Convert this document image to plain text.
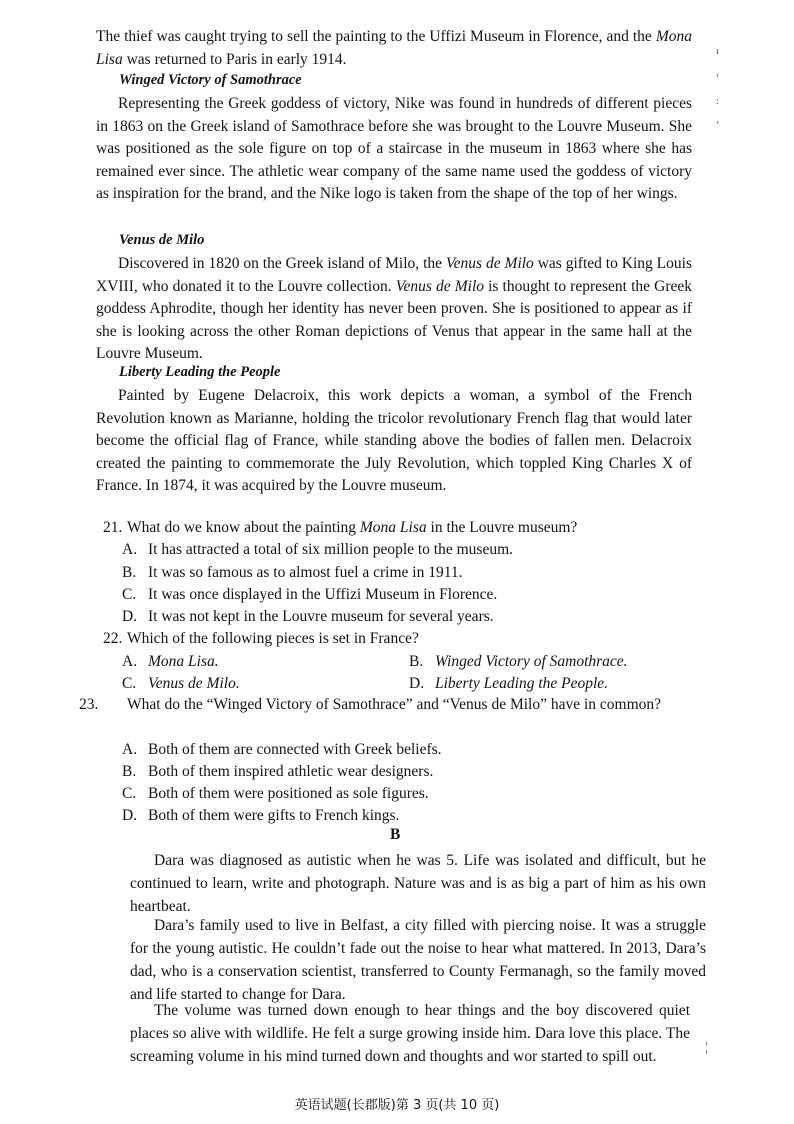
The thief was caught trying to sell the painting to the Uffizi Museum in Florence, and the Mona Lisa was returned to Paris in early 1914.

Winged Victory of Samothrace

Representing the Greek goddess of victory, Nike was found in hundreds of different pieces in 1863 on the Greek island of Samothrace before she was brought to the Louvre Museum. She was positioned as the sole figure on top of a staircase in the museum in 1863 where she has remained ever since. The athletic wear company of the same name used the goddess of victory as inspiration for the brand, and the Nike logo is taken from the shape of the top of her wings.

Venus de Milo

Discovered in 1820 on the Greek island of Milo, the Venus de Milo was gifted to King Louis XVIII, who donated it to the Louvre collection. Venus de Milo is thought to represent the Greek goddess Aphrodite, though her identity has never been proven. She is positioned to appear as if she is looking across the other Roman depictions of Venus that appear in the same hall at the Louvre Museum.

Liberty Leading the People

Painted by Eugene Delacroix, this work depicts a woman, a symbol of the French Revolution known as Marianne, holding the tricolor revolutionary French flag that would later become the official flag of France, while standing above the bodies of fallen men. Delacroix created the painting to commemorate the July Revolution, which toppled King Charles X of France. In 1874, it was acquired by the Louvre museum.

21. What do we know about the painting Mona Lisa in the Louvre museum?

A. It has attracted a total of six million people to the museum.

B. It was so famous as to almost fuel a crime in 1911.

C. It was once displayed in the Uffizi Museum in Florence.

D. It was not kept in the Louvre museum for several years.

22. Which of the following pieces is set in France?

A. Mona Lisa.	B. Winged Victory of Samothrace.

C. Venus de Milo.	D. Liberty Leading the People.

23. What do the “Winged Victory of Samothrace” and “Venus de Milo” have in common?

A. Both of them are connected with Greek beliefs.

B. Both of them inspired athletic wear designers.

C. Both of them were positioned as sole figures.

D. Both of them were gifts to French kings.

B

Dara was diagnosed as autistic when he was 5. Life was isolated and difficult, but he continued to learn, write and photograph. Nature was and is as big a part of him as his own heartbeat.

Dara’s family used to live in Belfast, a city filled with piercing noise. It was a struggle for the young autistic. He couldn’t fade out the noise to hear what mattered. In 2013, Dara’s dad, who is a conservation scientist, transferred to County Fermanagh, so the family moved and life started to change for Dara.

The volume was turned down enough to hear things and the boy discovered quiet places so alive with wildlife. He felt a surge growing inside him. Dara love this place. The screaming volume in his mind turned down and thoughts and wor started to spill out.

英语试题(长郡版)第 3 页(共 10 页)

ı
‹
:
‘
¦
